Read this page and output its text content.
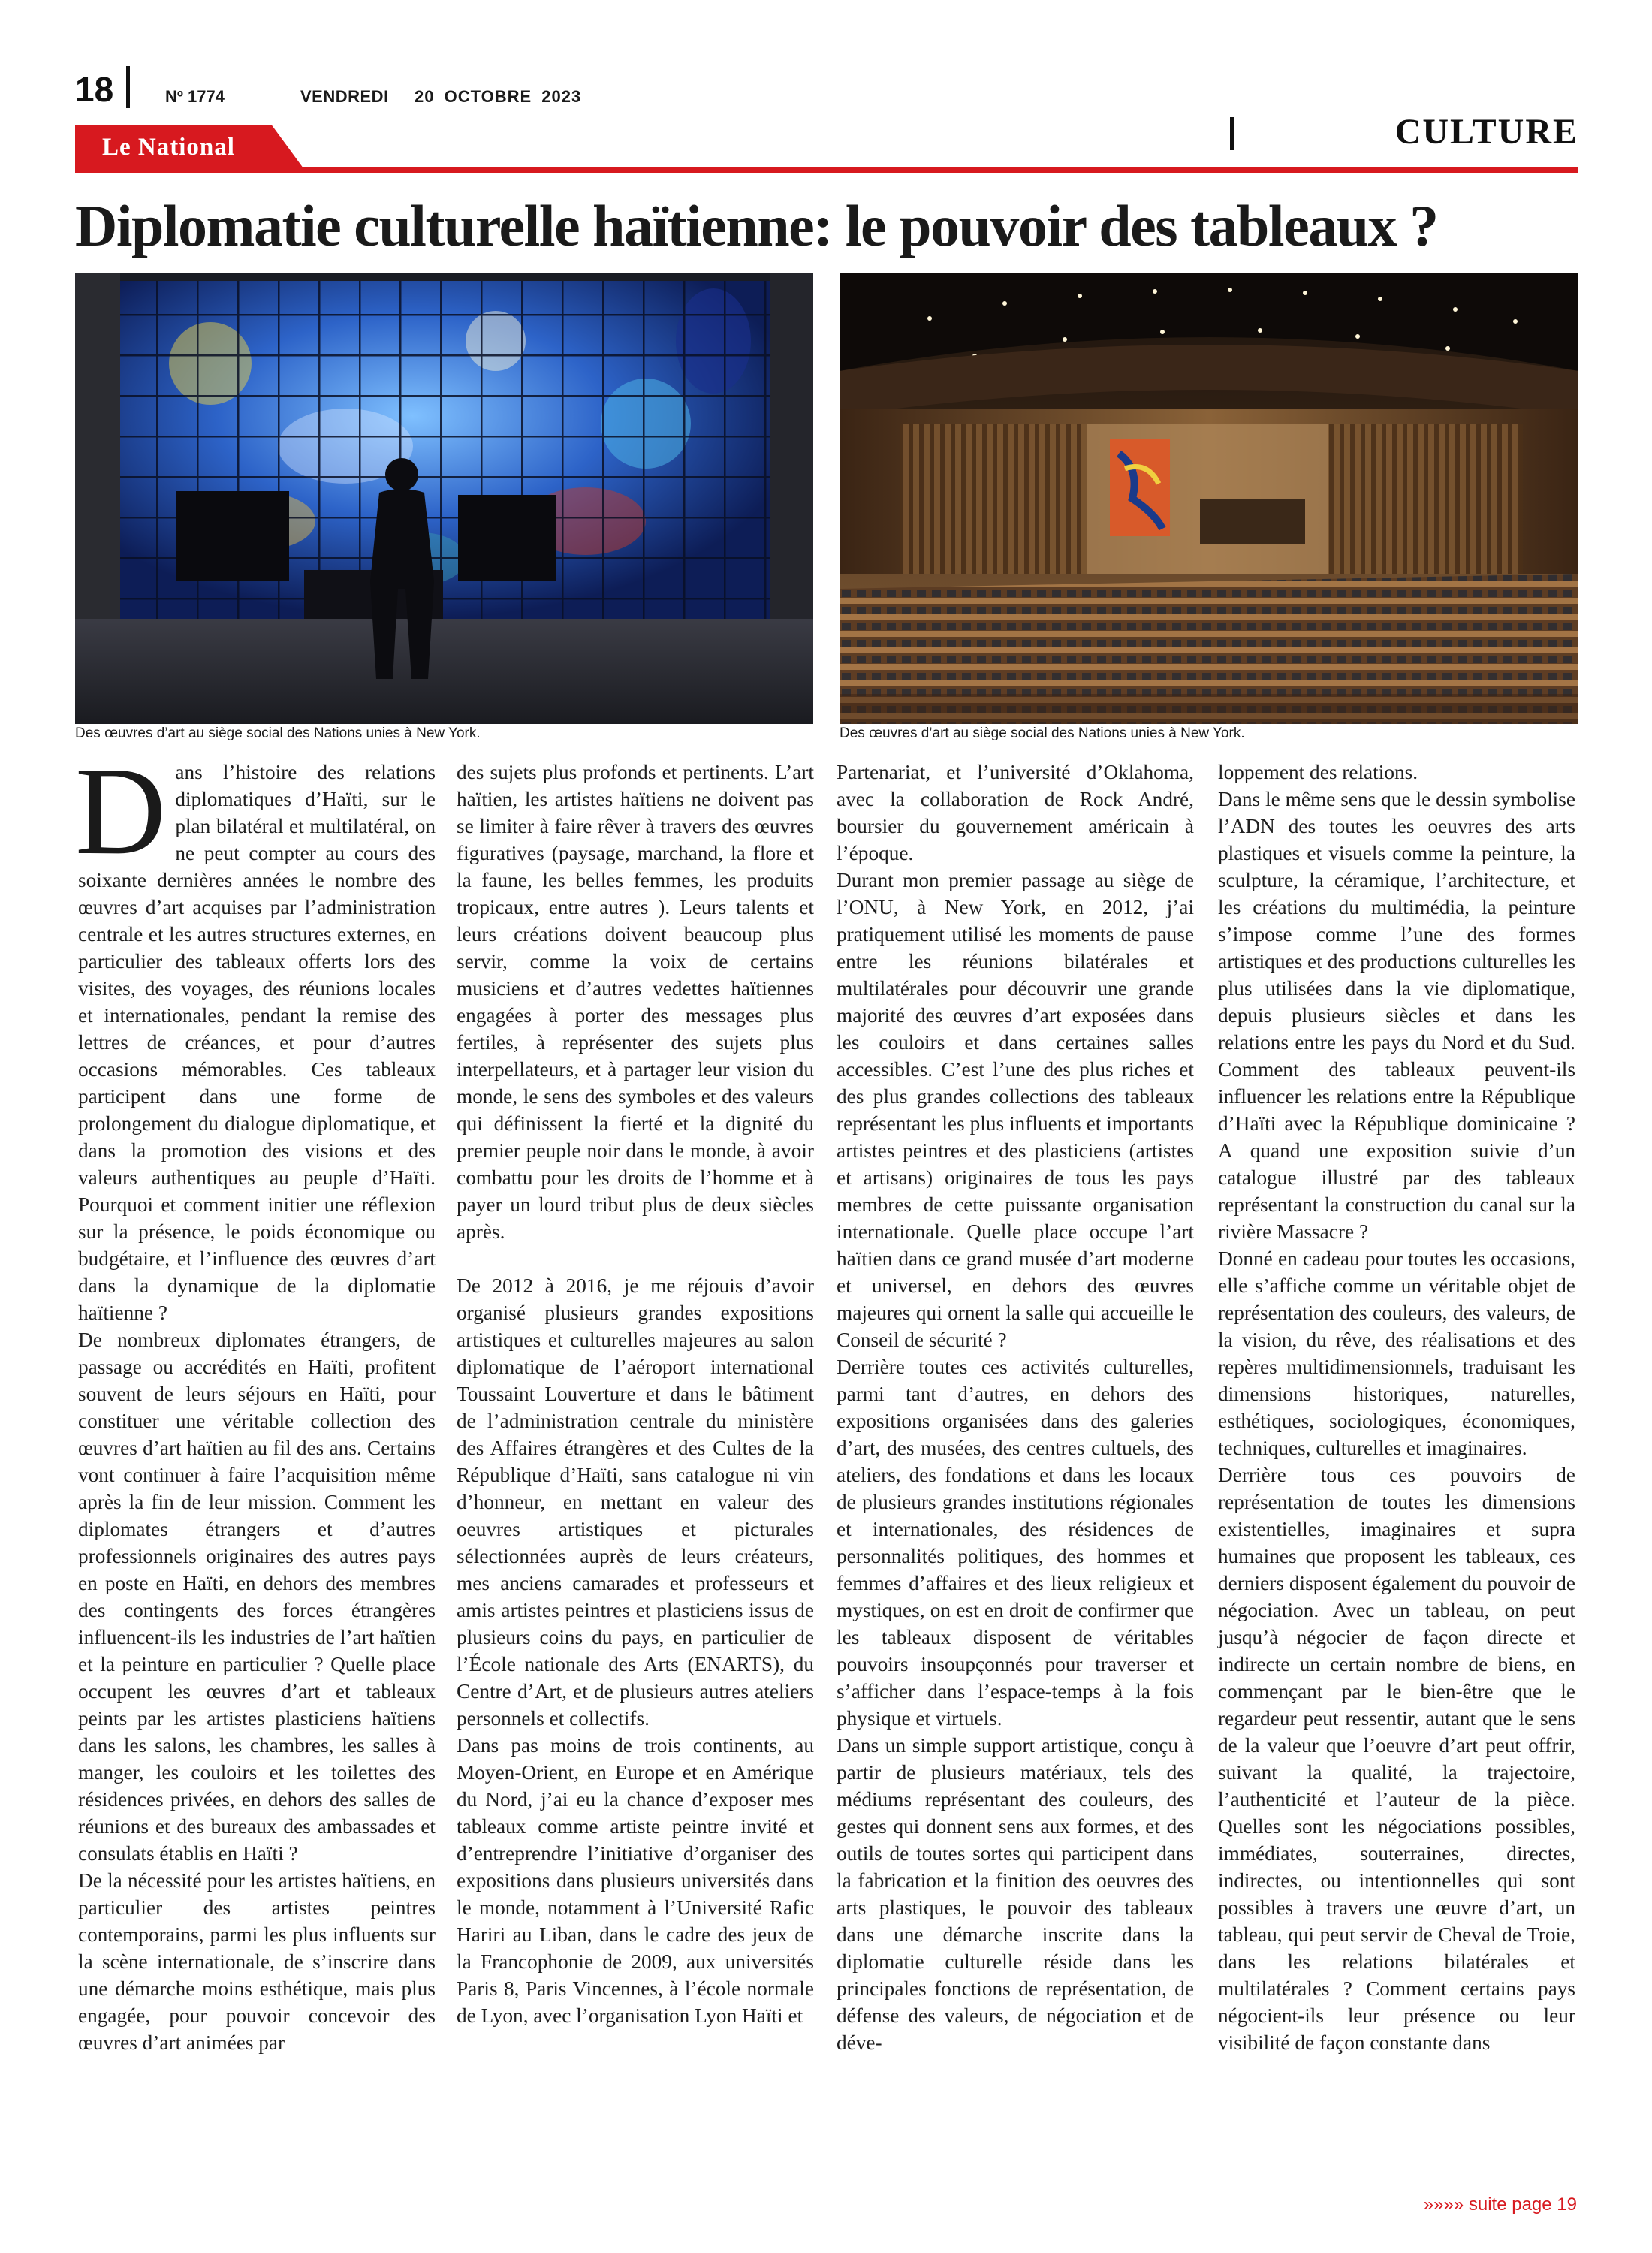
18	Nº 1774	VENDREDI 20 OCTOBRE 2023
Le National	CULTURE
Diplomatie culturelle haïtienne: le pouvoir des tableaux ?
Des œuvres d’art au siège social des Nations unies à New York.	Des œuvres d’art au siège social des Nations unies à New York.
D ans l’histoire des relations diplomatiques d’Haïti, sur le plan bilatéral et multilatéral, on ne peut compter au cours des soixante dernières années le nombre des œuvres d’art acquises par l’administration centrale et les autres structures externes, en particulier des tableaux offerts lors des visites, des voyages, des réunions locales et internationales, pendant la remise des lettres de créances, et pour d’autres occasions mémorables. Ces tableaux participent dans une forme de prolongement du dialogue diplomatique, et dans la promotion des visions et des valeurs authentiques au peuple d’Haïti. Pourquoi et comment initier une réflexion sur la présence, le poids économique ou budgétaire, et l’influence des œuvres d’art dans la dynamique de la diplomatie haïtienne ?

De nombreux diplomates étrangers, de passage ou accrédités en Haïti, profitent souvent de leurs séjours en Haïti, pour constituer une véritable collection des œuvres d’art haïtien au fil des ans. Certains vont continuer à faire l’acquisition même après la fin de leur mission. Comment les diplomates étrangers et d’autres professionnels originaires des autres pays en poste en Haïti, en dehors des membres des contingents des forces étrangères influencent-ils les industries de l’art haïtien et la peinture en particulier ? Quelle place occupent les œuvres d’art et tableaux peints par les artistes plasticiens haïtiens dans les salons, les chambres, les salles à manger, les couloirs et les toilettes des résidences privées, en dehors des salles de réunions et des bureaux des ambassades et consulats établis en Haïti ?

De la nécessité pour les artistes haïtiens, en particulier des artistes peintres contemporains, parmi les plus influents sur la scène internationale, de s’inscrire dans une démarche moins esthétique, mais plus engagée, pour pouvoir concevoir des œuvres d’art animées par

des sujets plus profonds et pertinents. L’art haïtien, les artistes haïtiens ne doivent pas se limiter à faire rêver à travers des œuvres figuratives (paysage, marchand, la flore et la faune, les belles femmes, les produits tropicaux, entre autres ). Leurs talents et leurs créations doivent beaucoup plus servir, comme la voix de certains musiciens et d’autres vedettes haïtiennes engagées à porter des messages plus fertiles, à représenter des sujets plus interpellateurs, et à partager leur vision du monde, le sens des symboles et des valeurs qui définissent la fierté et la dignité du premier peuple noir dans le monde, à avoir combattu pour les droits de l’homme et à payer un lourd tribut plus de deux siècles après.

De 2012 à 2016, je me réjouis d’avoir organisé plusieurs grandes expositions artistiques et culturelles majeures au salon diplomatique de l’aéroport international Toussaint Louverture et dans le bâtiment de l’administration centrale du ministère des Affaires étrangères et des Cultes de la République d’Haïti, sans catalogue ni vin d’honneur, en mettant en valeur des oeuvres artistiques et picturales sélectionnées auprès de leurs créateurs, mes anciens camarades et professeurs et amis artistes peintres et plasticiens issus de plusieurs coins du pays, en particulier de l’École nationale des Arts (ENARTS), du Centre d’Art, et de plusieurs autres ateliers personnels et collectifs.

Dans pas moins de trois continents, au Moyen-Orient, en Europe et en Amérique du Nord, j’ai eu la chance d’exposer mes tableaux comme artiste peintre invité et d’entreprendre l’initiative d’organiser des expositions dans plusieurs universités dans le monde, notamment à l’Université Rafic Hariri au Liban, dans le cadre des jeux de la Francophonie de 2009, aux universités Paris 8, Paris Vincennes, à l’école normale de Lyon, avec l’organisation Lyon Haïti et

Partenariat, et l’université d’Oklahoma, avec la collaboration de Rock André, boursier du gouvernement américain à l’époque.

Durant mon premier passage au siège de l’ONU, à New York, en 2012, j’ai pratiquement utilisé les moments de pause entre les réunions bilatérales et multilatérales pour découvrir une grande majorité des œuvres d’art exposées dans les couloirs et dans certaines salles accessibles. C’est l’une des plus riches et des plus grandes collections des tableaux représentant les plus influents et importants artistes peintres et des plasticiens (artistes et artisans) originaires de tous les pays membres de cette puissante organisation internationale. Quelle place occupe l’art haïtien dans ce grand musée d’art moderne et universel, en dehors des œuvres majeures qui ornent la salle qui accueille le Conseil de sécurité ?

Derrière toutes ces activités culturelles, parmi tant d’autres, en dehors des expositions organisées dans des galeries d’art, des musées, des centres cultuels, des ateliers, des fondations et dans les locaux de plusieurs grandes institutions régionales et internationales, des résidences de personnalités politiques, des hommes et femmes d’affaires et des lieux religieux et mystiques, on est en droit de confirmer que les tableaux disposent de véritables pouvoirs insoupçonnés pour traverser et s’afficher dans l’espace-temps à la fois physique et virtuels.

Dans un simple support artistique, conçu à partir de plusieurs matériaux, tels des médiums représentant des couleurs, des gestes qui donnent sens aux formes, et des outils de toutes sortes qui participent dans la fabrication et la finition des oeuvres des arts plastiques, le pouvoir des tableaux dans une démarche inscrite dans la diplomatie culturelle réside dans les principales fonctions de représentation, de défense des valeurs, de négociation et de déve-

loppement des relations.

Dans le même sens que le dessin symbolise l’ADN des toutes les oeuvres des arts plastiques et visuels comme la peinture, la sculpture, la céramique, l’architecture, et les créations du multimédia, la peinture s’impose comme l’une des formes artistiques et des productions culturelles les plus utilisées dans la vie diplomatique, depuis plusieurs siècles et dans les relations entre les pays du Nord et du Sud. Comment des tableaux peuvent-ils influencer les relations entre la République d’Haïti avec la République dominicaine ? A quand une exposition suivie d’un catalogue illustré par des tableaux représentant la construction du canal sur la rivière Massacre ?

Donné en cadeau pour toutes les occasions, elle s’affiche comme un véritable objet de représentation des couleurs, des valeurs, de la vision, du rêve, des réalisations et des repères multidimensionnels, traduisant les dimensions historiques, naturelles, esthétiques, sociologiques, économiques, techniques, culturelles et imaginaires.

Derrière tous ces pouvoirs de représentation de toutes les dimensions existentielles, imaginaires et supra humaines que proposent les tableaux, ces derniers disposent également du pouvoir de négociation. Avec un tableau, on peut jusqu’à négocier de façon directe et indirecte un certain nombre de biens, en commençant par le bien-être que le regardeur peut ressentir, autant que le sens de la valeur que l’oeuvre d’art peut offrir, suivant la qualité, la trajectoire, l’authenticité et l’auteur de la pièce. Quelles sont les négociations possibles, immédiates, souterraines, directes, indirectes, ou intentionnelles qui sont possibles à travers une œuvre d’art, un tableau, qui peut servir de Cheval de Troie, dans les relations bilatérales et multilatérales ? Comment certains pays négocient-ils leur présence ou leur visibilité de façon constante dans

»»»» suite page 19
